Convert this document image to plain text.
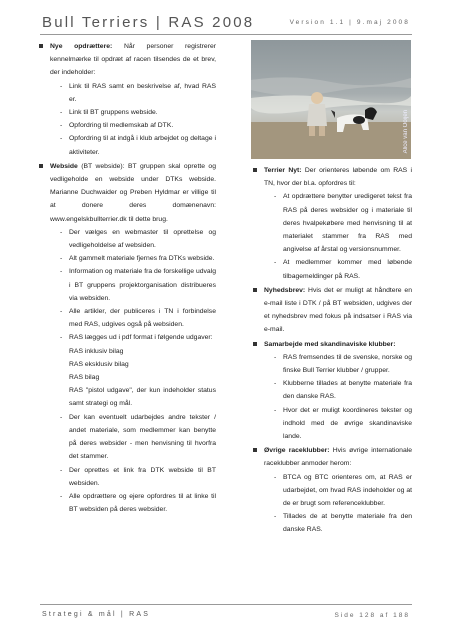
Bull Terriers | RAS 2008	Version 1.1 | 9.maj 2008
Nye opdrættere: Når personer registrerer kennelmærke til opdræt af racen tilsendes de et brev, der indeholder:
- Link til RAS samt en beskrivelse af, hvad RAS er.
- Link til BT gruppens webside.
- Opfordring til medlemskab af DTK.
- Opfordring til at indgå i klub arbejdet og deltage i aktiviteter.
Webside (BT webside): BT gruppen skal oprette og vedligeholde en webside under DTKs webside. Marianne Duchwaider og Preben Hyldmar er villige til at donere deres domænenavn: www.engelskbullterrier.dk til dette brug.
- Der vælges en webmaster til oprettelse og vedligeholdelse af websiden.
- Alt gammelt materiale fjernes fra DTKs webside.
- Information og materiale fra de forskellige udvalg i BT gruppens projektorganisation distribueres via websiden.
- Alle artikler, der publiceres i TN i forbindelse med RAS, udgives også på websiden.
- RAS lægges ud i pdf format i følgende udgaver:
RAS inklusiv bilag
RAS eksklusiv bilag
RAS bilag
RAS "pistol udgave", der kun indeholder status samt strategi og mål.
- Der kan eventuelt udarbejdes andre tekster / andet materiale, som medlemmer kan benytte på deres websider - men henvisning til hvorfra det stammer.
- Der oprettes et link fra DTK webside til BT websiden.
- Alle opdrættere og ejere opfordres til at linke til BT websiden på deres websider.
Alice van Ooijen
Terrier Nyt: Der orienteres løbende om RAS i TN, hvor der bl.a. opfordres til:
- At opdrættere benytter uredigeret tekst fra RAS på deres websider og i materiale til deres hvalpekøbere med henvisning til at materialet stammer fra RAS med angivelse af årstal og versionsnummer.
- At medlemmer kommer med løbende tilbagemeldinger på RAS.
Nyhedsbrev: Hvis det er muligt at håndtere en e-mail liste i DTK / på BT websiden, udgives der et nyhedsbrev med fokus på indsatser i RAS via e-mail.
Samarbejde med skandinaviske klubber:
- RAS fremsendes til de svenske, norske og finske Bull Terrier klubber / grupper.
- Klubberne tillades at benytte materiale fra den danske RAS.
- Hvor det er muligt koordineres tekster og indhold med de øvrige skandinaviske lande.
Øvrige raceklubber: Hvis øvrige internationale raceklubber anmoder herom:
- BTCA og BTC orienteres om, at RAS er udarbejdet, om hvad RAS indeholder og at de er brugt som referenceklubber.
- Tillades de at benytte materiale fra den danske RAS.
Strategi & mål | RAS	Side 128 af 188
